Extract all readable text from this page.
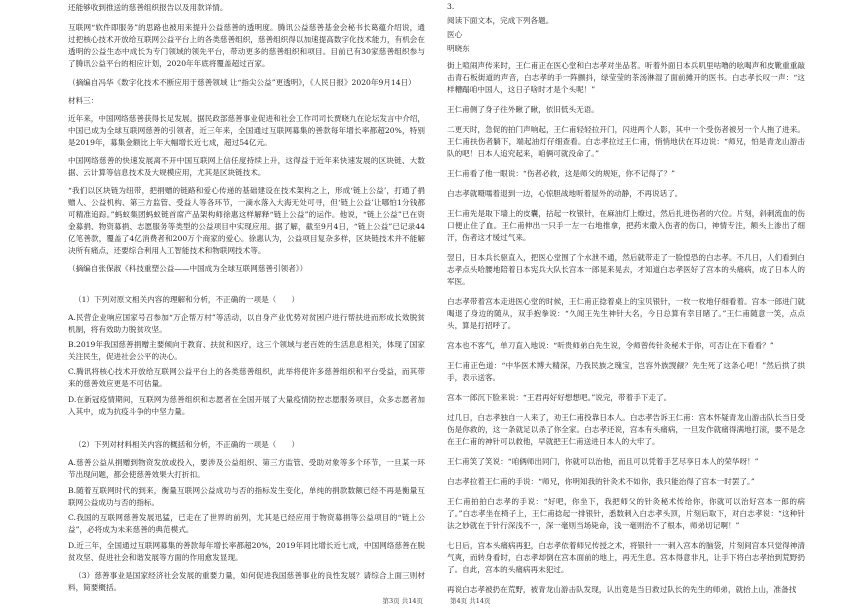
还能够收到推送的慈善组织报告以及用款详情。

互联网“软件即服务”的思路也被用来提升公益慈善的透明度。腾讯公益慈善基金会秘书长葛蕴介绍说，通过把核心技术开放给互联网公益平台上的各类慈善组织，慈善组织得以加速提高数字化技术能力，有机会在透明的公益生态中成长为专门领域的领先平台，带动更多的慈善组织和项目。目前已有30家慈善组织参与了腾讯公益平台的相应计划，2020年年底将覆盖超过百家。

（摘编自冯华《数字化技术不断应用于慈善领域 让“指尖公益”更透明》，《人民日报》2020年9月14日）

材料三：

近年来，中国网络慈善获得长足发展。据民政部慈善事业促进和社会工作司司长贾晓九在论坛发言中介绍，中国已成为全球互联网慈善的引领者，近三年来，全国通过互联网募集的善款每年增长率都超20%，特别是2019年，募集金额比上年大幅增长近七成，超过54亿元。

中国网络慈善的快速发展离不开中国互联网上信任度持续上升，这得益于近年来快速发展的区块链、大数据、云计算等信息技术及大规模应用，尤其是区块链技术。

“我们以区块链为纽带，把捐赠的链路和爱心传递的基础建设在技术架构之上，形成‘链上公益’，打通了捐赠人、公益机构、第三方监管、受益人等各环节，一滴水落入大海无处可寻，但‘链上公益’让哪怕1分钱都可精准追踪。”蚂蚁集团蚂蚁链首席产品架构师徐惠这样解释“链上公益”的运作。他说，“链上公益”已在资金募捐、物资募捐、志愿服务等类型的公益项目中实现应用。据了解，截至9月4日，“链上公益”已记录44亿笔善款，覆盖了4亿消费者和200万个商家的爱心。徐惠认为，公益项目复杂多样，区块链技术并不能解决所有痛点，还要综合利用人工智能技术和物联网技术等。

（摘编自张保淑《科技重塑公益——中国成为全球互联网慈善引领者》）

（1）下列对原文相关内容的理解和分析，不正确的一项是（　　）

A.民营企业响应国家号召参加“万企帮万村”等活动，以自身产业优势对贫困户进行帮扶进而形成长效脱贫机制，将有效助力脱贫攻坚。

B.2019年我国慈善捐赠主要倾向于教育、扶贫和医疗，这三个领域与老百姓的生活息息相关，体现了国家关注民生，促进社会公平的决心。

C.腾讯将核心技术开放给互联网公益平台上的各类慈善组织，此举将使许多慈善组织和平台受益，而其带来的慈善效应更是不可估量。

D.在新冠疫情期间，互联网为慈善组织和志愿者在全国开展了大量疫情防控志愿服务项目，众多志愿者加入其中，成为抗疫斗争的中坚力量。

（2）下列对材料相关内容的概括和分析，不正确的一项是（　　）

A.慈善公益从捐赠到物资发放或投入，要涉及公益组织、第三方监管、受助对象等多个环节，一旦某一环节出现问题，都会使慈善效果大打折扣。

B.随着互联网时代的到来，衡量互联网公益成功与否的指标发生变化，单纯的捐款数额已经不再是衡量互联网公益成功与否的指标。

C.我国的互联网慈善发展迅猛，已走在了世界的前列，尤其是已经应用于物资募捐等公益项目的“链上公益”，必将成为未来慈善的典范模式。

D.近三年，全国通过互联网募集的善款每年增长率都超20%，2019年同比增长近七成，中国网络慈善在脱贫攻坚、促进社会和谐发展等方面的作用愈发显现。

（3）慈善事业是国家经济社会发展的重要力量，如何促进我国慈善事业的良性发展？请综合上面三则材料，简要概括。

3.

阅读下面文本，完成下列各题。

医心

明晓东

街上喧闹声传来时，王仁甫正在医心堂和白志孝对坐品茗。听着外面日本兵叽里咕噜的吆喝声和皮靴重重敲击青石板街道的声音，白志孝的手一阵颤抖，绿莹莹的茶汤淋湿了面前摊开的医书。白志孝长叹一声：“这样糟蹋咱中国人，这日子啥时才是个头呢！”

王仁甫侧了身子往外瞅了瞅，依旧低头无语。

二更天时，急促的拍门声响起，王仁甫轻轻拉开门，闪进两个人影，其中一个受伤者被另一个人拖了进来。王仁甫扶伤者躺下，端起油灯仔细查看。白志孝拉过王仁甫，悄悄地伏在耳边说：“师兄，怕是青龙山游击队的吧！日本人追究起来，咱俩可就没命了。”

王仁甫看了他一眼说：“伤者必救，这是师父的规矩，你不记得了？”

白志孝就嗫嚅着退到一边，心惊胆战地听着屋外的动静，不再说话了。

王仁甫先是取下墙上的皮囊，拈起一枚银针，在麻油灯上燎过，然后扎进伤者的穴位。片刻，斜刺流血的伤口便止住了血。王仁甫伸出一只手一左一右地推拿，把药末撒入伤者的伤口，神情专注，额头上渗出了细汗，伤者这才缓过气来。

翌日，日本兵长驱直入，把医心堂围了个水泄不通，然后就带走了一脸惶恐的白志孝。不几日，人们看到白志孝点头哈腰地陪着日本宪兵大队长宫本一郎晃来晃去，才知道白志孝医好了宫本的头痛病，成了日本人的军医。

白志孝带着宫本走进医心堂的时候，王仁甫正捻着桌上的宝贝银针，一枚一枚地仔细看着。宫本一郎进门就喝退了身边的随从，双手抱拳说：“久闻王先生神针大名，今日总算有幸目睹了。”王仁甫随意一笑，点点头，算是打招呼了。

宫本也不客气，单刀直入地说：“听贵师弟白先生说，令师曾传针灸秘术于你，可否让在下看看？”

王仁甫正色道：“中华医术博大精深，乃我民族之瑰宝，岂容外族觊觎？先生死了这条心吧！”然后拱了拱手，表示送客。

宫本一郎沉下脸来说：“王君再好好想想吧。”说完，带着手下走了。

过几日，白志孝独自一人来了，劝王仁甫投靠日本人。白志孝告诉王仁甫：宫本怀疑青龙山游击队长当日受伤是你救的，这一条就足以杀了你全家。白志孝还说，宫本有头痛病，一旦发作就痛得满地打滚，要不是念在王仁甫的神针可以救他，早就把王仁甫送进日本人的大牢了。

王仁甫笑了笑说：“咱俩师出同门，你就可以治他，而且可以凭着手艺尽享日本人的荣华呀！”

白志孝拉着王仁甫的手说：“师兄，你明知我的针灸术不如你，我只能治得了宫本一时罢了。”

王仁甫拍拍白志孝的手说：“好吧，你坐下，我把师父的针灸秘术传给你，你就可以治好宫本一郎的病了。”白志孝坐在椅子上，王仁甫捻起一排银针，悉数刺入白志孝头顶，片刻后取下，对白志孝说：“这种针法之妙就在于针行深浅不一，深一毫则当场毙命，浅一毫则治不了根本，师弟切记啊！”

七日后，宫本头痛病再犯，白志孝依着师兄传授之术，将银针一一刺入宫本的脑袋，片刻间宫本只觉得神清气爽，而转身看时，白志孝却倒在宫本面前的地上，再无生息。宫本得意非凡，让手下将白志孝抬到荒野扔了。自此，宫本的头痛病再未犯过。

再说白志孝被扔在荒野，被青龙山游击队发现，认出竟是当日救过队长的先生的师弟，就抬上山，准备找

第3页 共14页	第4页 共14页
